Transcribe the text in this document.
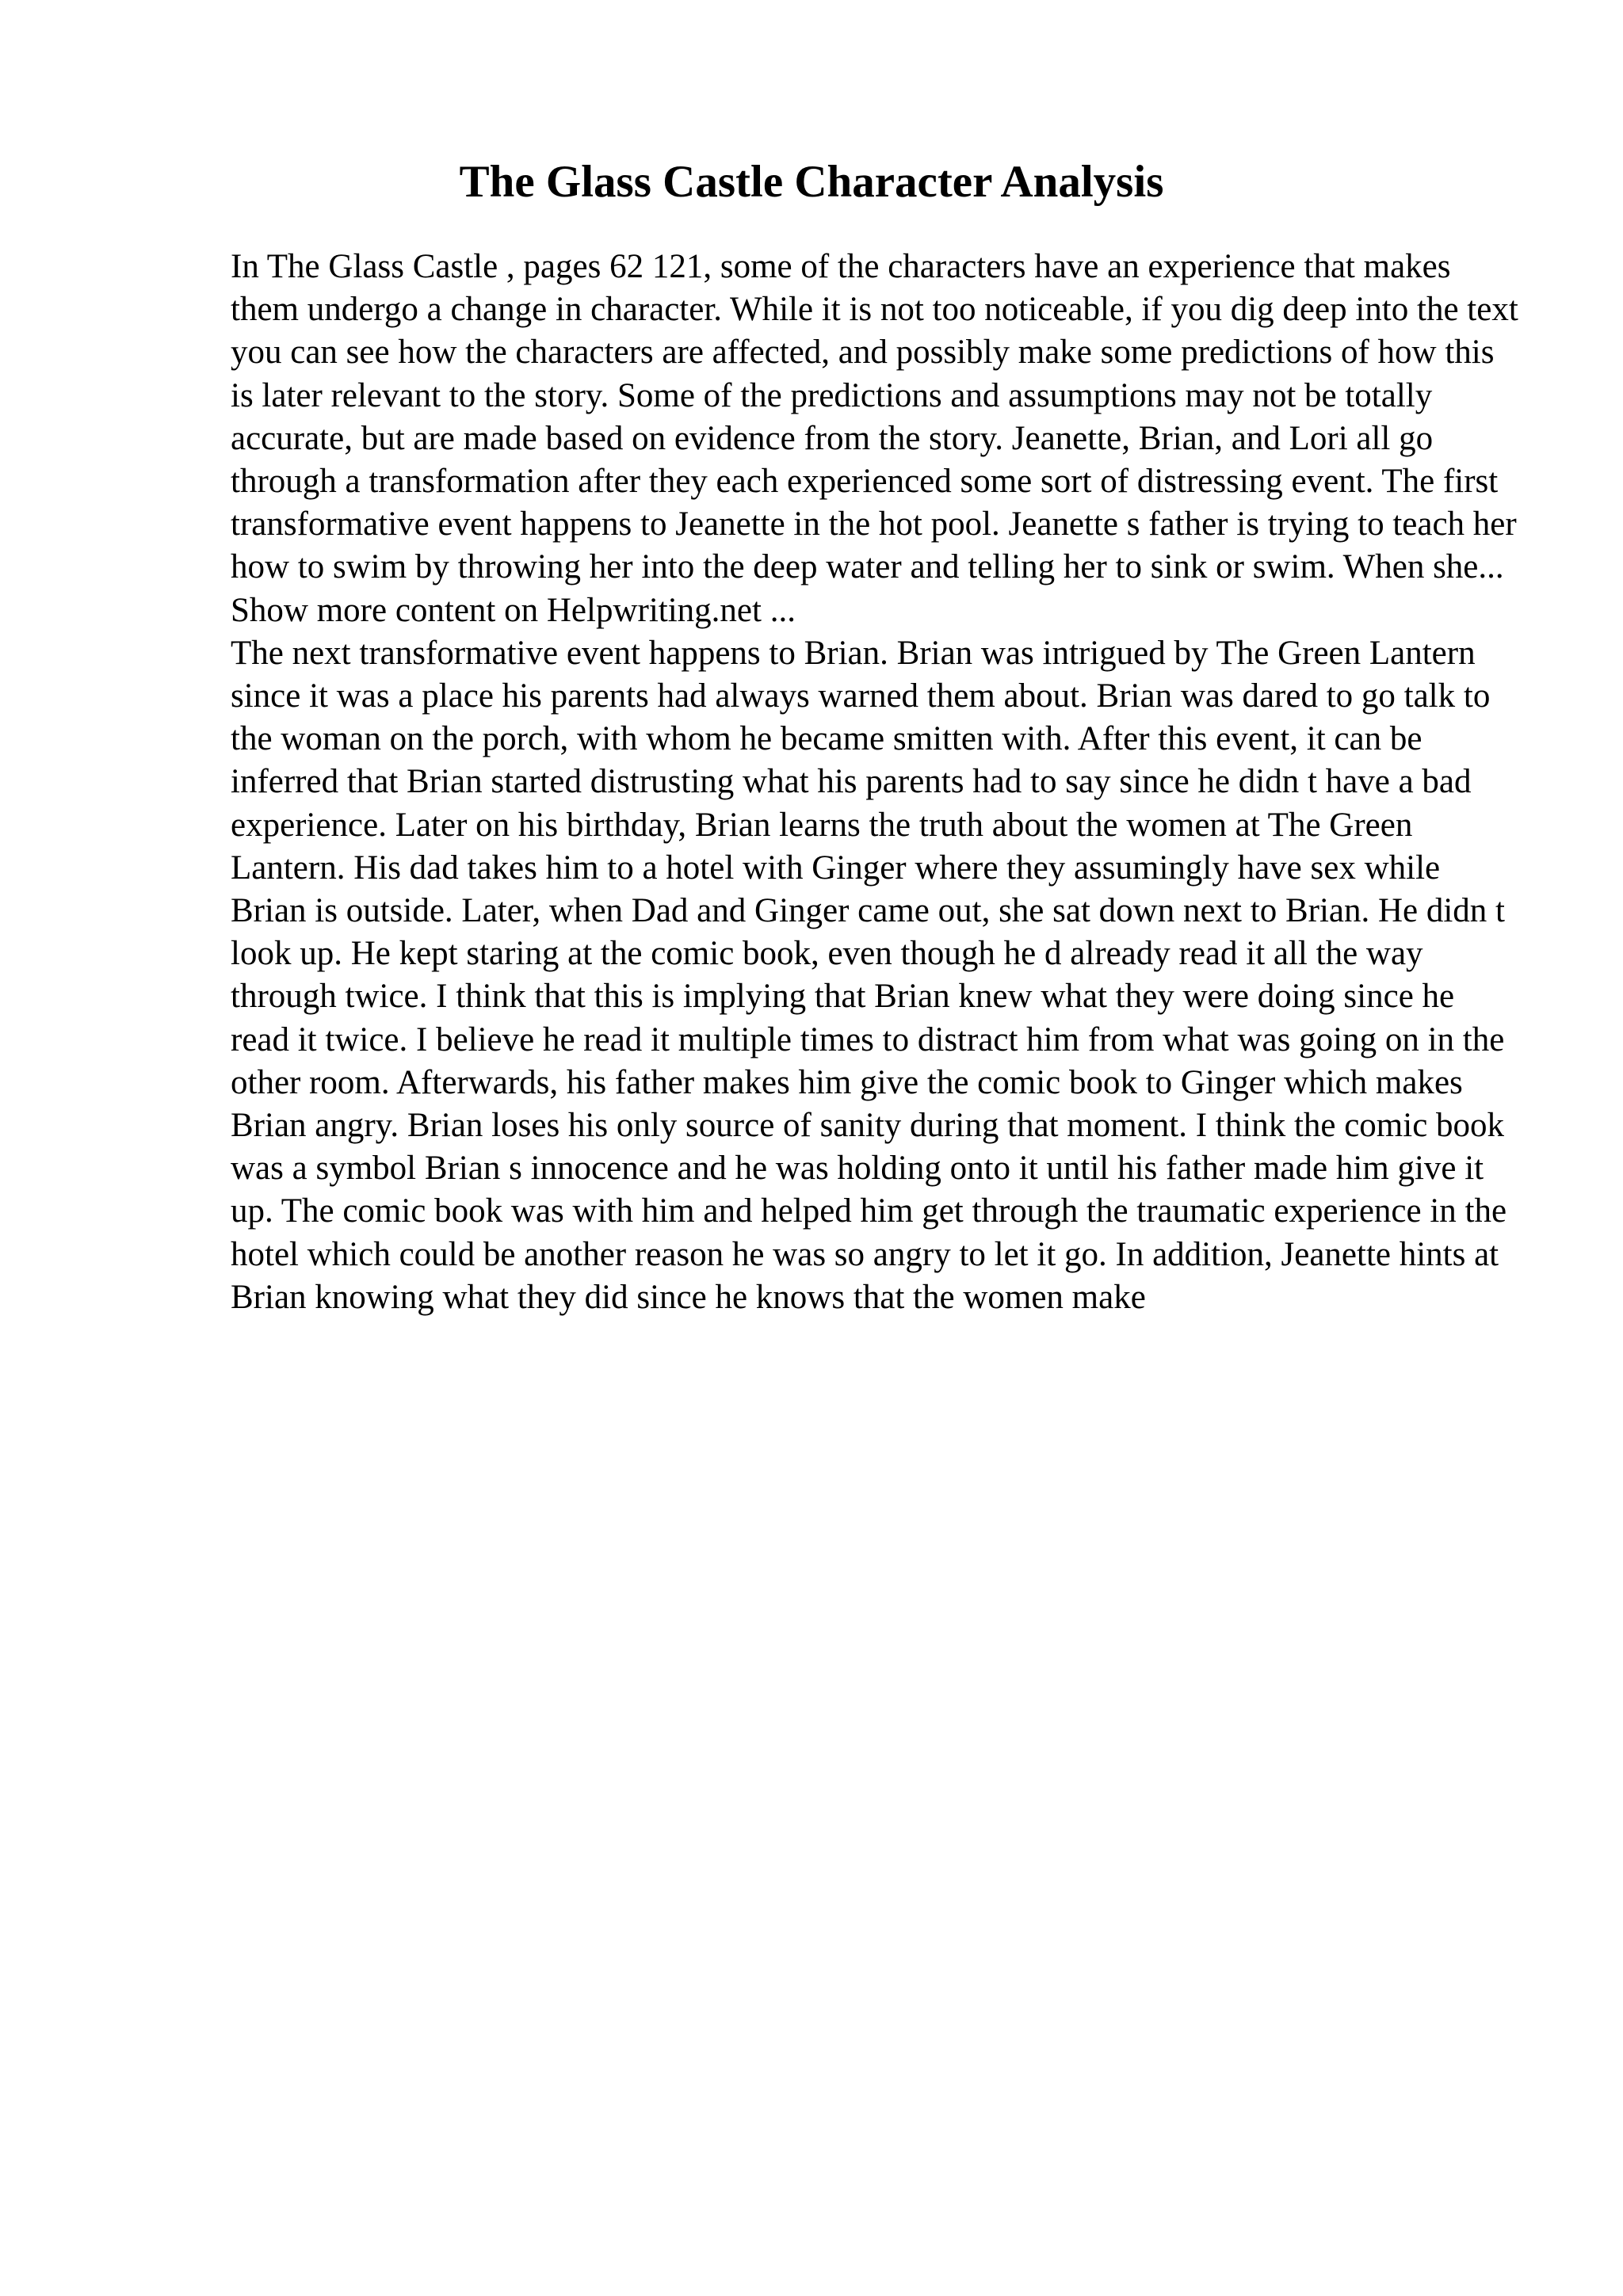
The Glass Castle Character Analysis

In The Glass Castle , pages 62 121, some of the characters have an experience that makes them undergo a change in character. While it is not too noticeable, if you dig deep into the text you can see how the characters are affected, and possibly make some predictions of how this is later relevant to the story. Some of the predictions and assumptions may not be totally accurate, but are made based on evidence from the story. Jeanette, Brian, and Lori all go through a transformation after they each experienced some sort of distressing event. The first transformative event happens to Jeanette in the hot pool. Jeanette s father is trying to teach her how to swim by throwing her into the deep water and telling her to sink or swim. When she... Show more content on Helpwriting.net ...

The next transformative event happens to Brian. Brian was intrigued by The Green Lantern since it was a place his parents had always warned them about. Brian was dared to go talk to the woman on the porch, with whom he became smitten with. After this event, it can be inferred that Brian started distrusting what his parents had to say since he didn t have a bad experience. Later on his birthday, Brian learns the truth about the women at The Green Lantern. His dad takes him to a hotel with Ginger where they assumingly have sex while Brian is outside. Later, when Dad and Ginger came out, she sat down next to Brian. He didn t look up. He kept staring at the comic book, even though he d already read it all the way through twice. I think that this is implying that Brian knew what they were doing since he read it twice. I believe he read it multiple times to distract him from what was going on in the other room. Afterwards, his father makes him give the comic book to Ginger which makes Brian angry. Brian loses his only source of sanity during that moment. I think the comic book was a symbol Brian s innocence and he was holding onto it until his father made him give it up. The comic book was with him and helped him get through the traumatic experience in the hotel which could be another reason he was so angry to let it go. In addition, Jeanette hints at Brian knowing what they did since he knows that the women make
